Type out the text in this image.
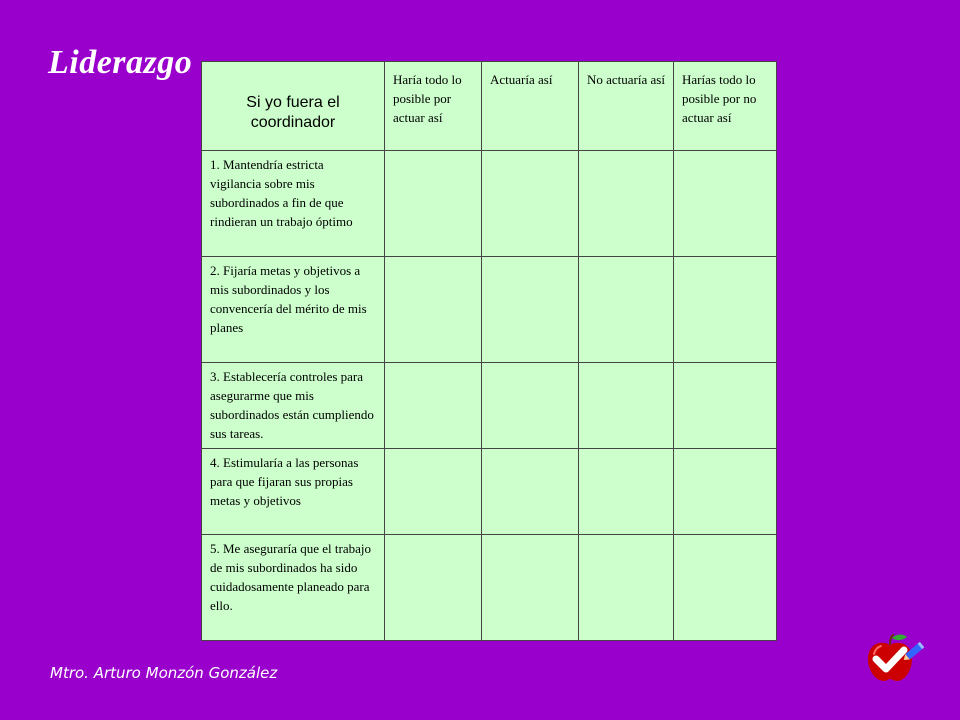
Liderazgo
Si yo fuera el coordinador	Haría todo lo posible por actuar así	Actuaría así	No actuaría así	Harías todo lo posible por no actuar así
1. Mantendría estricta vigilancia sobre mis subordinados a fin de que rindieran un trabajo óptimo				
2. Fijaría metas y objetivos a mis subordinados y los convencería del mérito de mis planes				
3. Establecería controles para asegurarme que mis subordinados están cumpliendo sus tareas.				
4. Estimularía a las personas para que fijaran sus propias metas y objetivos				
5. Me aseguraría que el trabajo de mis subordinados ha sido cuidadosamente planeado para ello.				

Mtro. Arturo Monzón González
